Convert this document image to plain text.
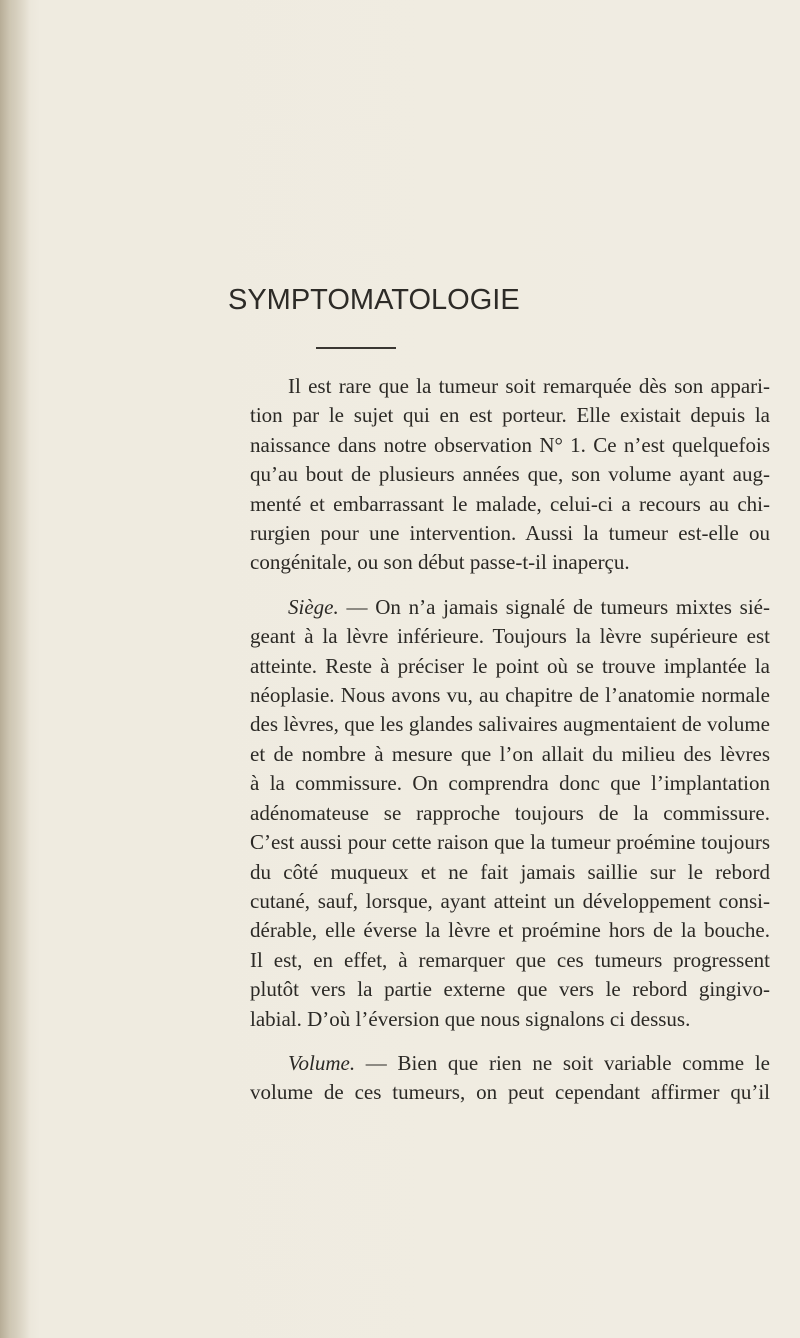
SYMPTOMATOLOGIE

Il est rare que la tumeur soit remarquée dès son appari-
tion par le sujet qui en est porteur. Elle existait depuis la
naissance dans notre observation N° 1. Ce n’est quelquefois
qu’au bout de plusieurs années que, son volume ayant aug-
menté et embarrassant le malade, celui-ci a recours au chi-
rurgien pour une intervention. Aussi la tumeur est-elle ou
congénitale, ou son début passe-t-il inaperçu.

Siège. — On n’a jamais signalé de tumeurs mixtes sié-
geant à la lèvre inférieure. Toujours la lèvre supérieure est
atteinte. Reste à préciser le point où se trouve implantée la
néoplasie. Nous avons vu, au chapitre de l’anatomie normale
des lèvres, que les glandes salivaires augmentaient de volume
et de nombre à mesure que l’on allait du milieu des lèvres
à la commissure. On comprendra donc que l’implantation
adénomateuse se rapproche toujours de la commissure.
C’est aussi pour cette raison que la tumeur proémine toujours
du côté muqueux et ne fait jamais saillie sur le rebord
cutané, sauf, lorsque, ayant atteint un développement consi-
dérable, elle éverse la lèvre et proémine hors de la bouche.
Il est, en effet, à remarquer que ces tumeurs progressent
plutôt vers la partie externe que vers le rebord gingivo-
labial. D’où l’éversion que nous signalons ci dessus.

Volume. — Bien que rien ne soit variable comme le
volume de ces tumeurs, on peut cependant affirmer qu’il
